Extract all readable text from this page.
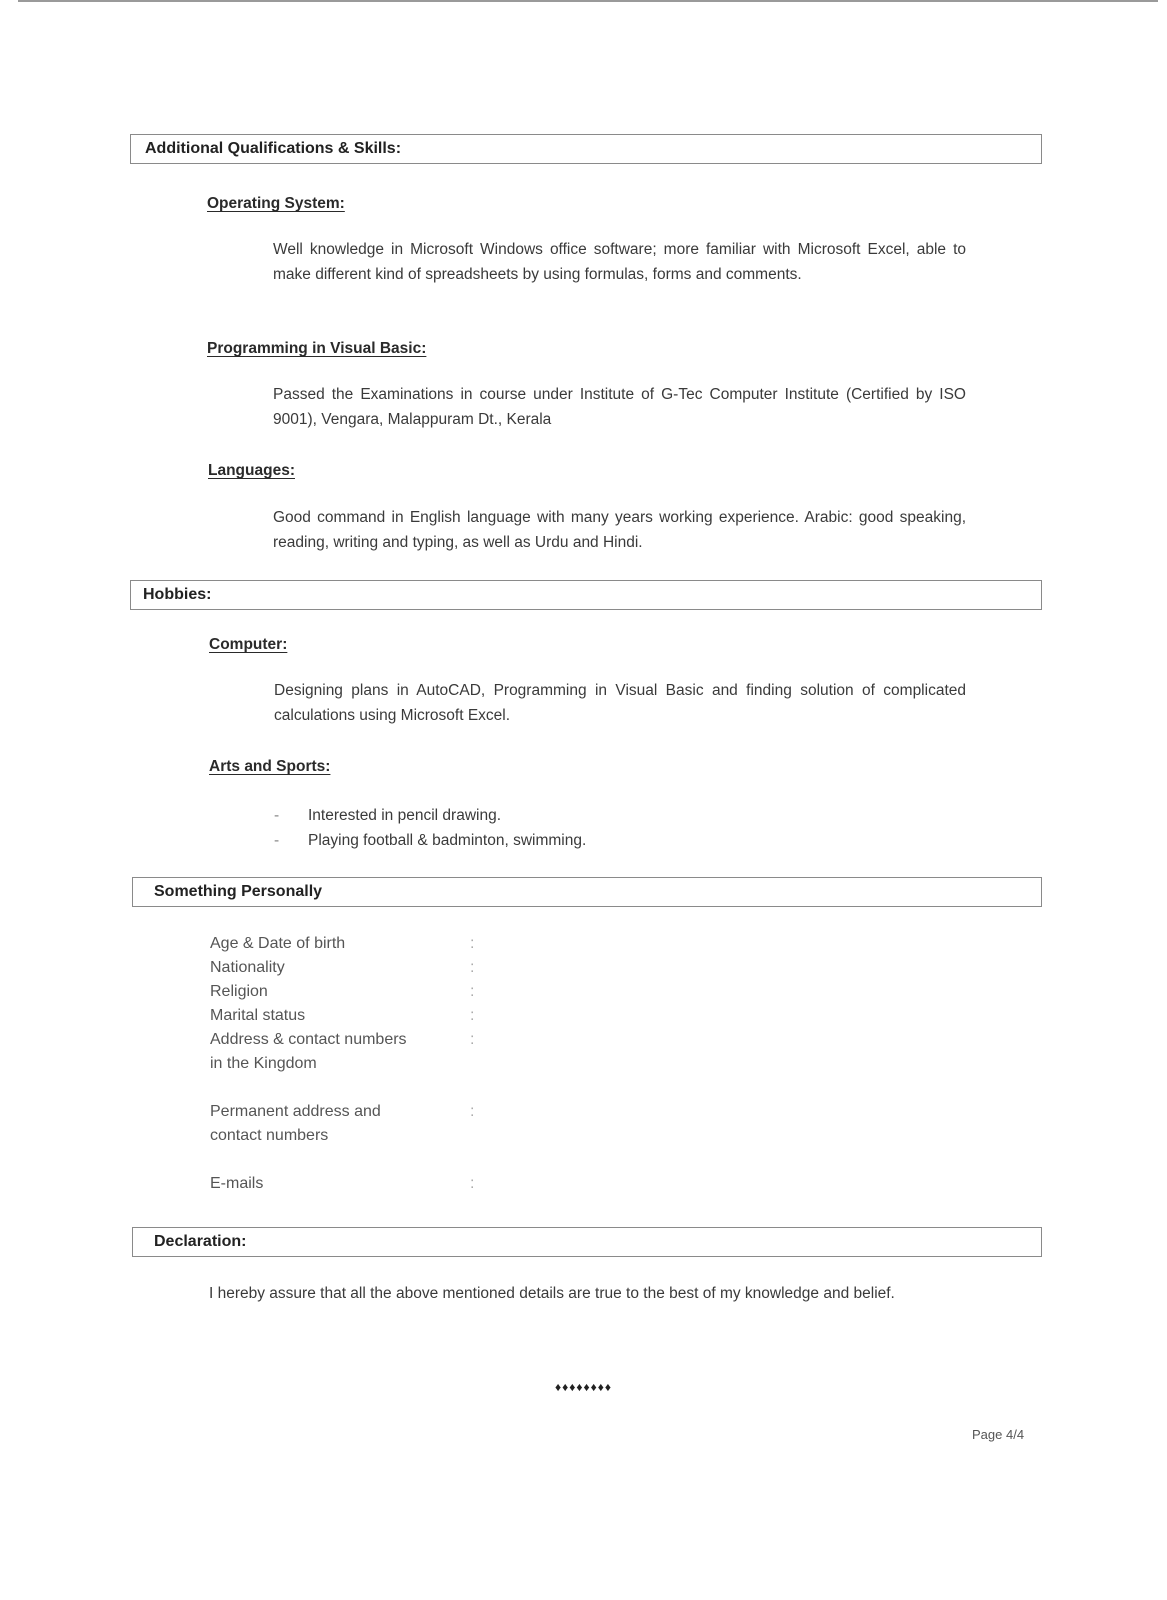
Additional Qualifications & Skills:
Operating System:
Well knowledge in Microsoft Windows office software; more familiar with Microsoft Excel, able to make different kind of spreadsheets by using formulas, forms and comments.
Programming in Visual Basic:
Passed the Examinations in course under Institute of G-Tec Computer Institute (Certified by ISO 9001), Vengara, Malappuram Dt., Kerala
Languages:
Good command in English language with many years working experience. Arabic: good speaking, reading, writing and typing, as well as Urdu and Hindi.
Hobbies:
Computer:
Designing plans in AutoCAD, Programming in Visual Basic and finding solution of complicated calculations using Microsoft Excel.
Arts and Sports:
- Interested in pencil drawing.
- Playing football & badminton, swimming.
Something Personally
Age & Date of birth	:
Nationality	:
Religion	:
Marital status	:
Address & contact numbers	:
in the Kingdom
Permanent address and	:
contact numbers
E-mails	:
Declaration:
I hereby assure that all the above mentioned details are true to the best of my knowledge and belief.
♦♦♦♦♦♦♦♦
Page 4/4
